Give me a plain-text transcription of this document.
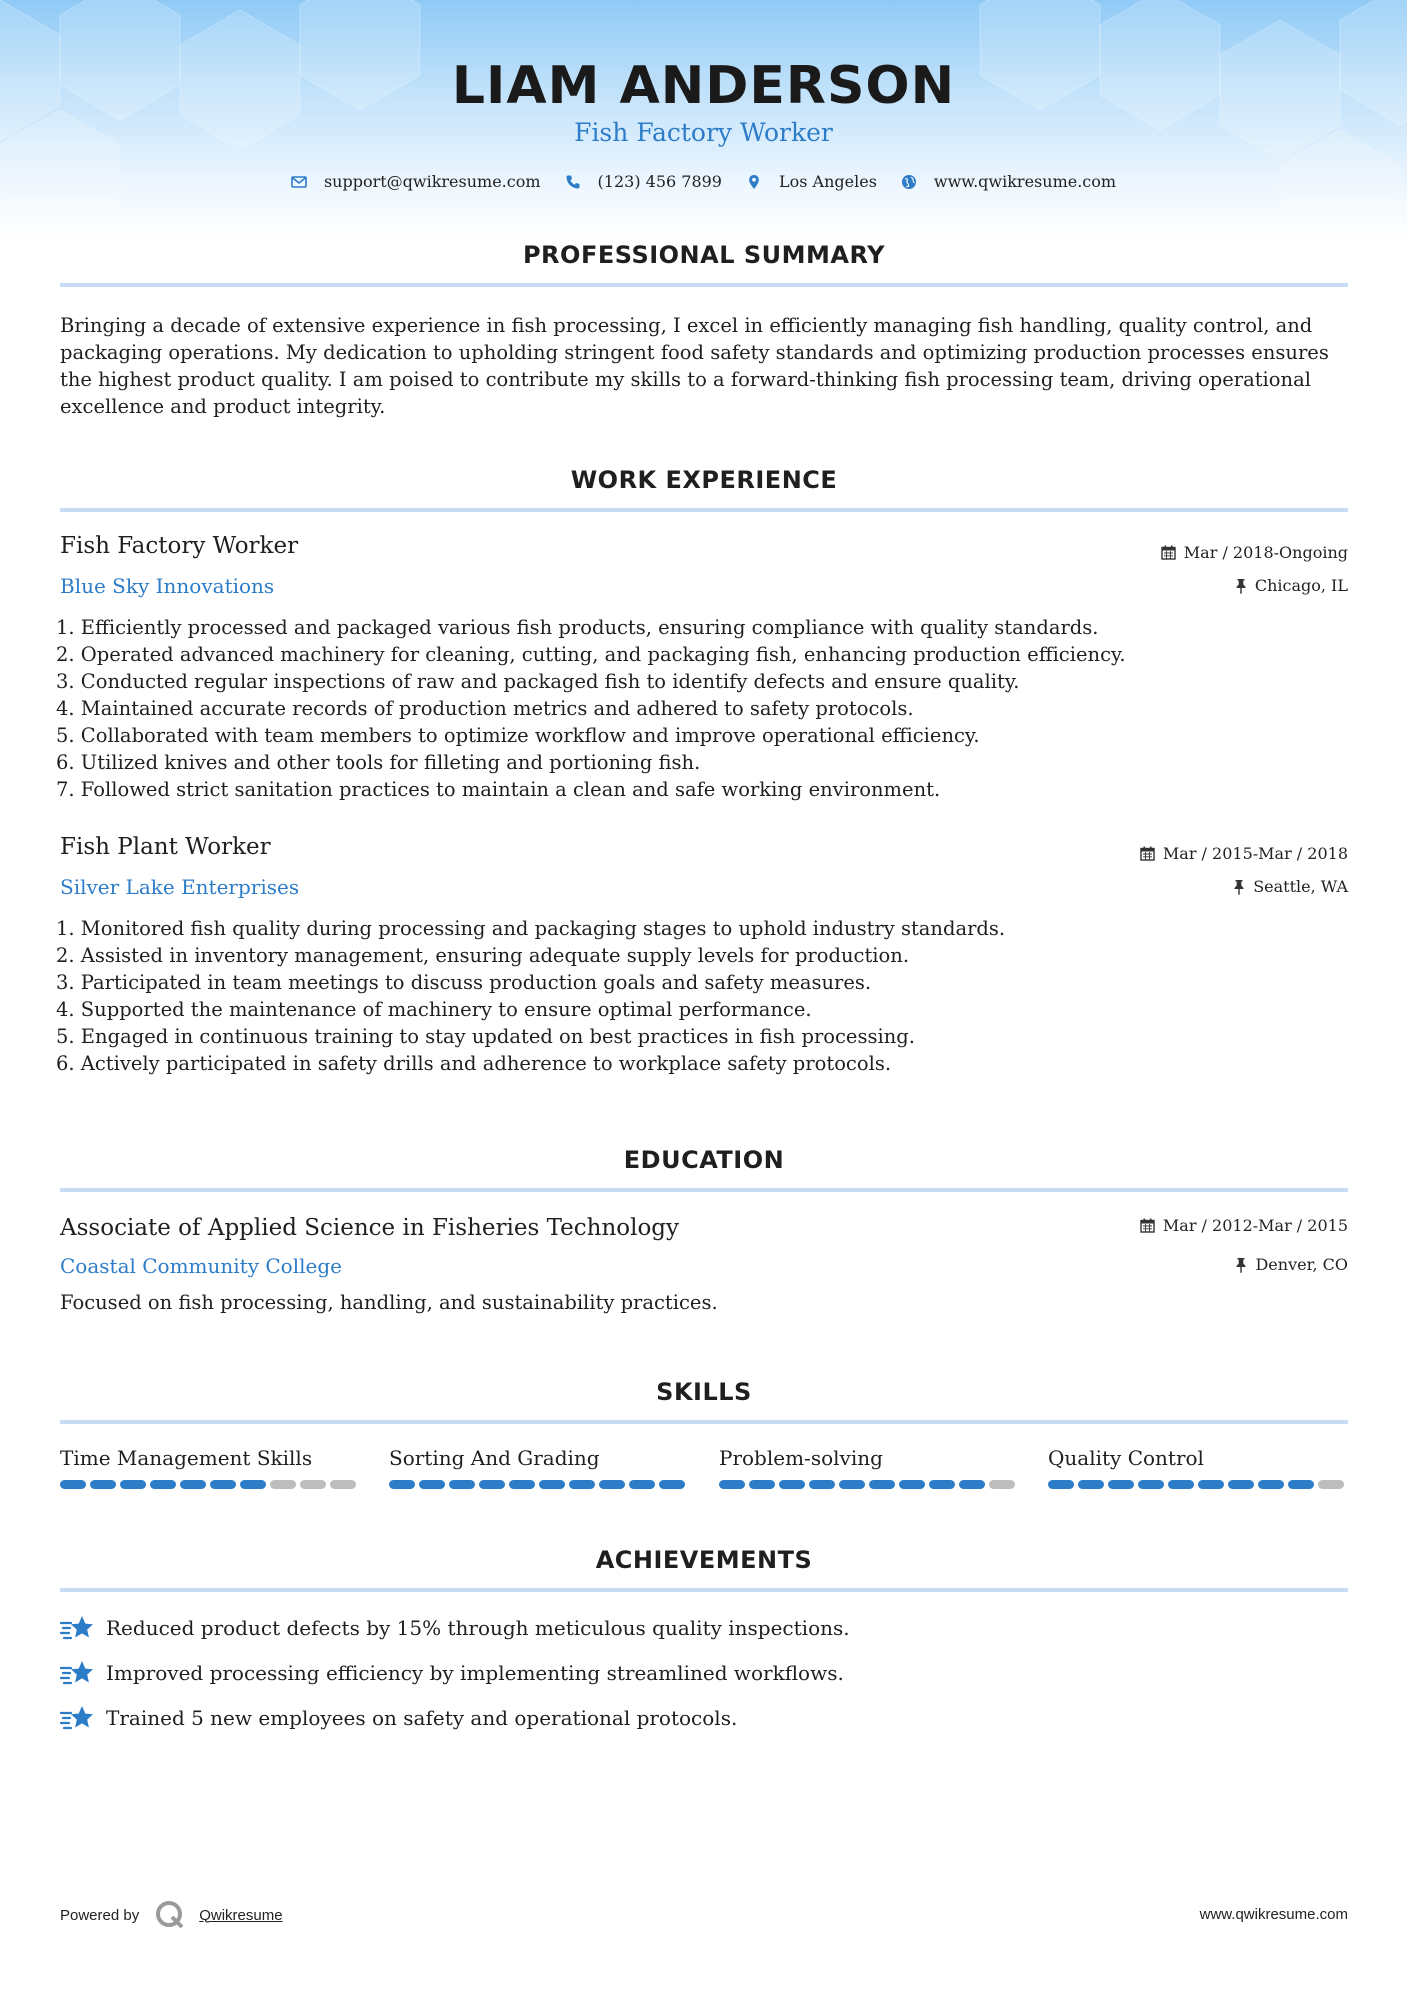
LIAM ANDERSON
Fish Factory Worker
support@qwikresume.com	(123) 456 7899	Los Angeles	www.qwikresume.com
PROFESSIONAL SUMMARY
Bringing a decade of extensive experience in fish processing, I excel in efficiently managing fish handling, quality control, and packaging operations. My dedication to upholding stringent food safety standards and optimizing production processes ensures the highest product quality. I am poised to contribute my skills to a forward-thinking fish processing team, driving operational excellence and product integrity.
WORK EXPERIENCE
Fish Factory Worker
Blue Sky Innovations
Mar / 2018-Ongoing
Chicago, IL
1. Efficiently processed and packaged various fish products, ensuring compliance with quality standards.
2. Operated advanced machinery for cleaning, cutting, and packaging fish, enhancing production efficiency.
3. Conducted regular inspections of raw and packaged fish to identify defects and ensure quality.
4. Maintained accurate records of production metrics and adhered to safety protocols.
5. Collaborated with team members to optimize workflow and improve operational efficiency.
6. Utilized knives and other tools for filleting and portioning fish.
7. Followed strict sanitation practices to maintain a clean and safe working environment.
Fish Plant Worker
Silver Lake Enterprises
Mar / 2015-Mar / 2018
Seattle, WA
1. Monitored fish quality during processing and packaging stages to uphold industry standards.
2. Assisted in inventory management, ensuring adequate supply levels for production.
3. Participated in team meetings to discuss production goals and safety measures.
4. Supported the maintenance of machinery to ensure optimal performance.
5. Engaged in continuous training to stay updated on best practices in fish processing.
6. Actively participated in safety drills and adherence to workplace safety protocols.
EDUCATION
Associate of Applied Science in Fisheries Technology
Coastal Community College
Mar / 2012-Mar / 2015
Denver, CO
Focused on fish processing, handling, and sustainability practices.
SKILLS
Time Management Skills	Sorting And Grading	Problem-solving	Quality Control
ACHIEVEMENTS
Reduced product defects by 15% through meticulous quality inspections.
Improved processing efficiency by implementing streamlined workflows.
Trained 5 new employees on safety and operational protocols.
Powered by	Qwikresume	www.qwikresume.com
